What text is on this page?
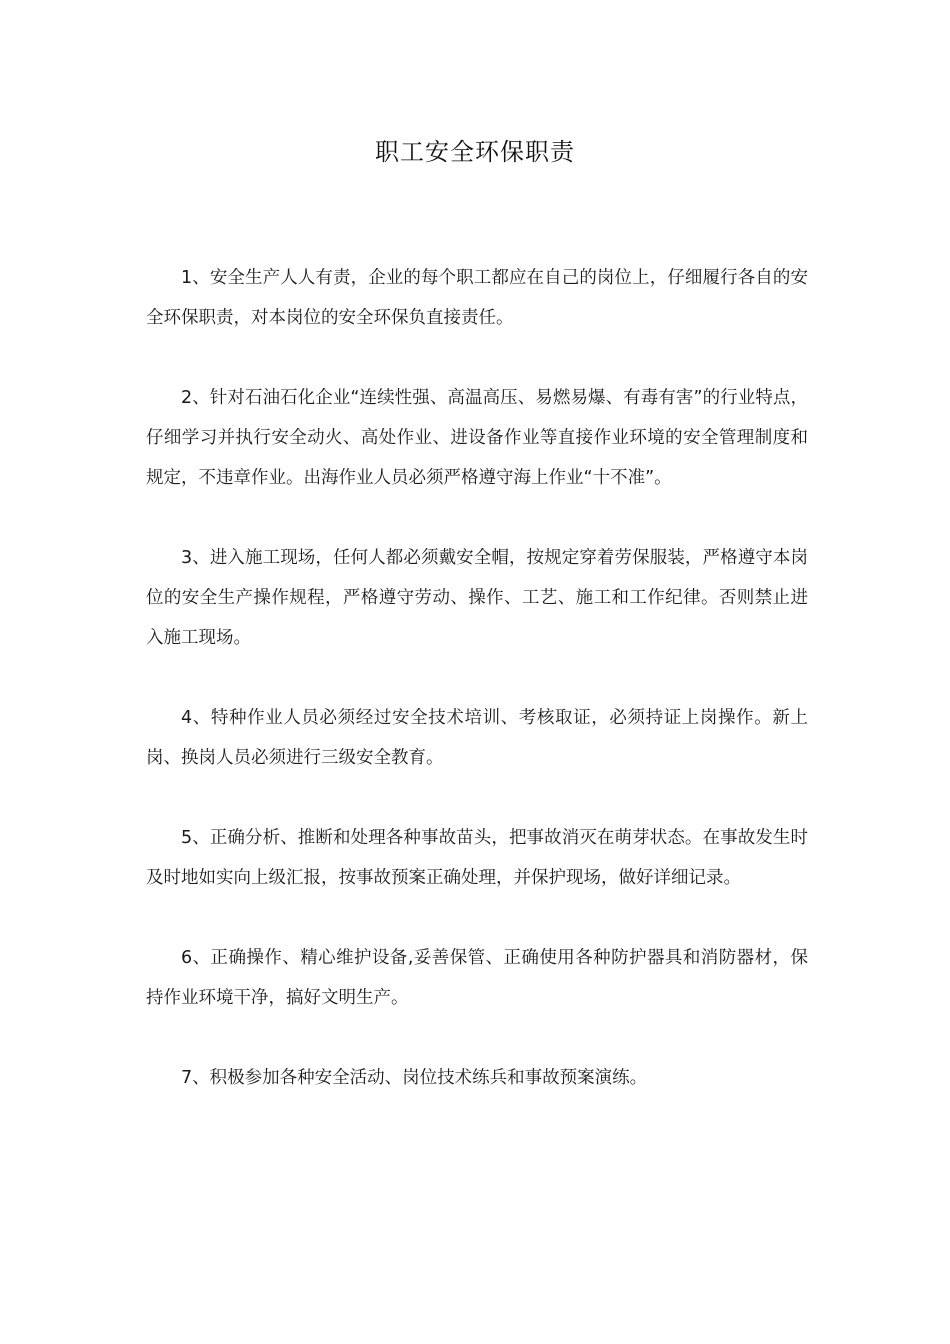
职工安全环保职责

1、安全生产人人有责，企业的每个职工都应在自己的岗位上，仔细履行各自的安全环保职责，对本岗位的安全环保负直接责任。

2、针对石油石化企业“连续性强、高温高压、易燃易爆、有毒有害”的行业特点，仔细学习并执行安全动火、高处作业、进设备作业等直接作业环境的安全管理制度和规定，不违章作业。出海作业人员必须严格遵守海上作业“十不准”。

3、进入施工现场，任何人都必须戴安全帽，按规定穿着劳保服装，严格遵守本岗位的安全生产操作规程，严格遵守劳动、操作、工艺、施工和工作纪律。否则禁止进入施工现场。

4、特种作业人员必须经过安全技术培训、考核取证，必须持证上岗操作。新上岗、换岗人员必须进行三级安全教育。

5、正确分析、推断和处理各种事故苗头，把事故消灭在萌芽状态。在事故发生时及时地如实向上级汇报，按事故预案正确处理，并保护现场，做好详细记录。

6、正确操作、精心维护设备,妥善保管、正确使用各种防护器具和消防器材，保持作业环境干净，搞好文明生产。

7、积极参加各种安全活动、岗位技术练兵和事故预案演练。
